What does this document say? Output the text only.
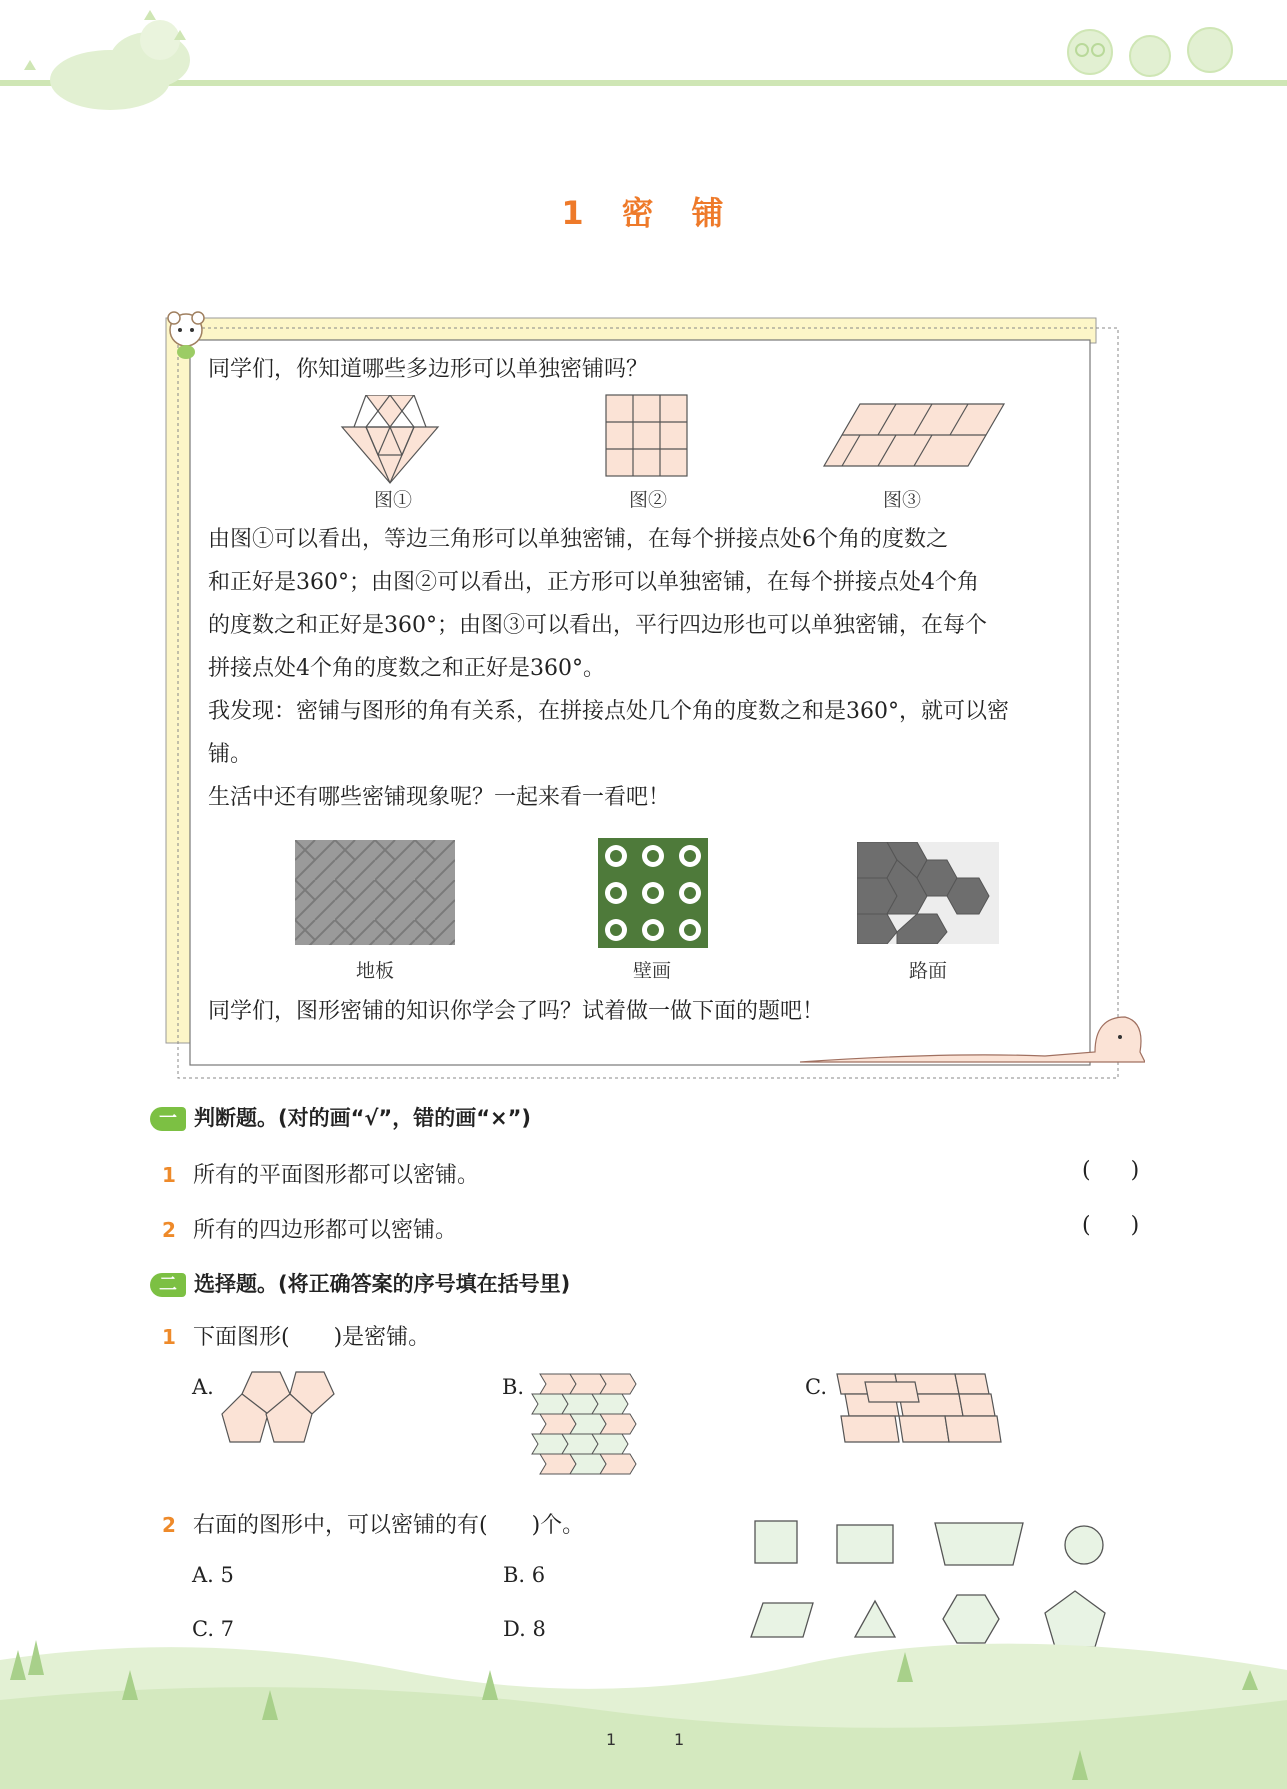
1 密 铺
同学们，你知道哪些多边形可以单独密铺吗？
图①	图②	图③
由图①可以看出，等边三角形可以单独密铺，在每个拼接点处6个角的度数之
和正好是360°；由图②可以看出，正方形可以单独密铺，在每个拼接点处4个角
的度数之和正好是360°；由图③可以看出，平行四边形也可以单独密铺，在每个
拼接点处4个角的度数之和正好是360°。
我发现：密铺与图形的角有关系，在拼接点处几个角的度数之和是360°，就可以密
铺。
生活中还有哪些密铺现象呢？一起来看一看吧！
地板	壁画	路面
同学们，图形密铺的知识你学会了吗？试着做一做下面的题吧！
一 判断题。(对的画“√”，错的画“×”)
1 所有的平面图形都可以密铺。	()
2 所有的四边形都可以密铺。	()
二 选择题。(将正确答案的序号填在括号里)
1 下面图形(　　)是密铺。
A.	B.	C.
2 右面的图形中，可以密铺的有(　　)个。
A. 5	B. 6
C. 7	D. 8
1	1
